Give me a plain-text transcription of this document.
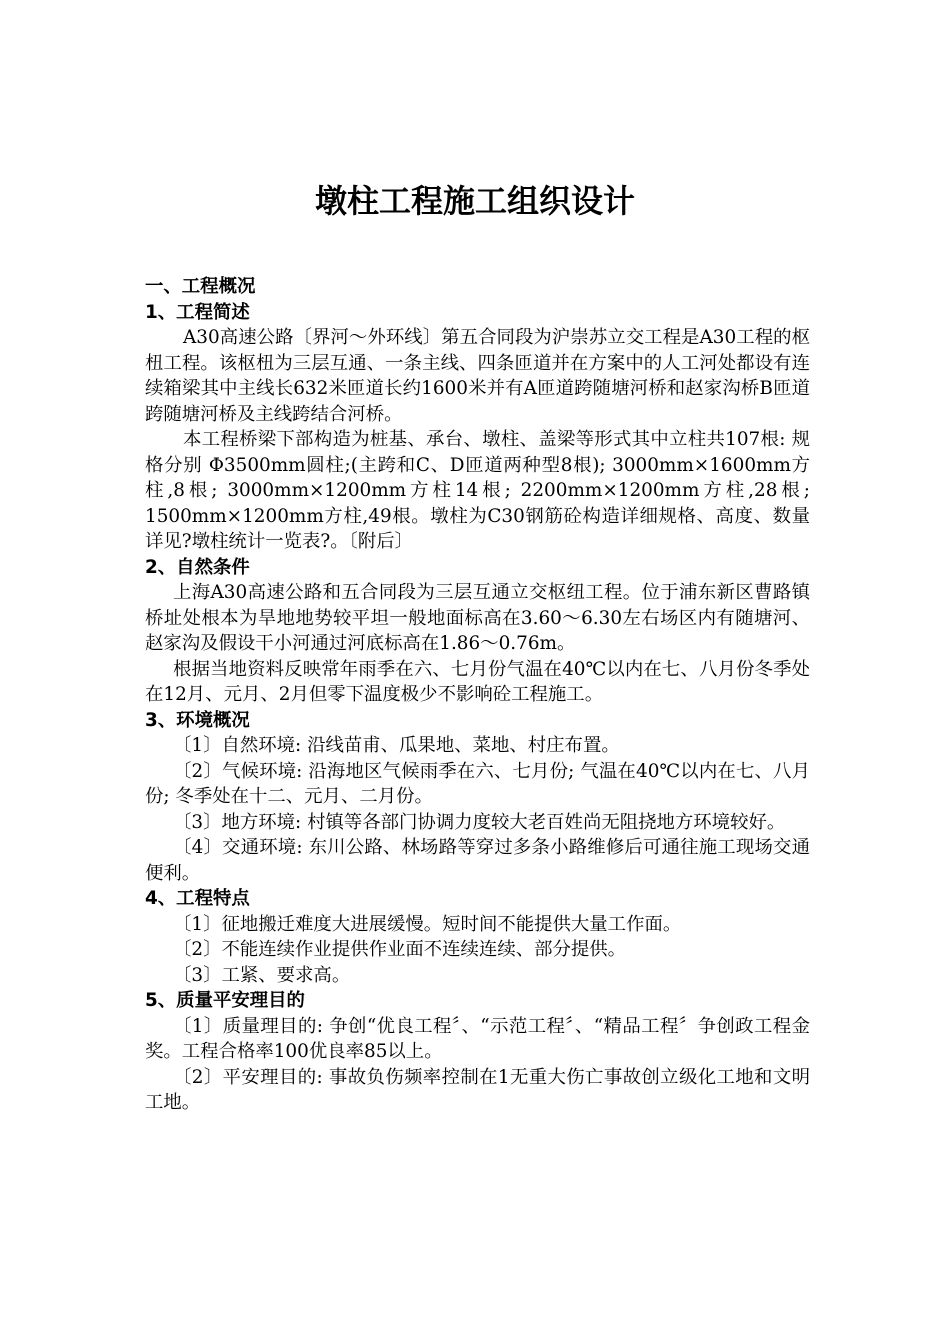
墩柱工程施工组织设计

一、工程概况

1、工程简述

A30高速公路〔界河～外环线〕第五合同段为沪崇苏立交工程是A30工程的枢杻工程。该枢杻为三层互通、一条主线、四条匝道并在方案中的人工河处都设有连续箱梁其中主线长632米匝道长约1600米并有A匝道跨随塘河桥和赵家沟桥B匝道跨随塘河桥及主线跨结合河桥。

本工程桥梁下部构造为桩基、承台、墩柱、盖梁等形式其中立柱共107根: 规格分别 Φ3500mm圆柱;(主跨和C、D匝道两种型8根); 3000mm×1600mm方柱,8根; 3000mm×1200mm方柱14根; 2200mm×1200mm方柱,28根; 1500mm×1200mm方柱,49根。墩柱为C30钢筋砼构造详细规格、高度、数量详见?墩柱统计一览表?。〔附后〕

2、自然条件

上海A30高速公路和五合同段为三层互通立交枢纽工程。位于浦东新区曹路镇桥址处根本为旱地地势较平坦一般地面标高在3.60～6.30左右场区内有随塘河、赵家沟及假设干小河通过河底标高在1.86～0.76m。

根据当地资料反映常年雨季在六、七月份气温在40℃以内在七、八月份冬季处在12月、元月、2月但零下温度极少不影响砼工程施工。

3、环境概况

〔1〕自然环境: 沿线苗甫、瓜果地、菜地、村庄布置。

〔2〕气候环境: 沿海地区气候雨季在六、七月份; 气温在40℃以内在七、八月份; 冬季处在十二、元月、二月份。

〔3〕地方环境: 村镇等各部门协调力度较大老百姓尚无阻挠地方环境较好。

〔4〕交通环境: 东川公路、林场路等穿过多条小路维修后可通往施工现场交通便利。

4、工程特点

〔1〕征地搬迁难度大进展缓慢。短时间不能提供大量工作面。

〔2〕不能连续作业提供作业面不连续连续、部分提供。

〔3〕工紧、要求高。

5、质量平安理目的

〔1〕质量理目的: 争创“优良工程〞、“示范工程〞、“精品工程〞争创政工程金奖。工程合格率100优良率85以上。

〔2〕平安理目的: 事故负伤频率控制在1无重大伤亡事故创立级化工地和文明工地。
